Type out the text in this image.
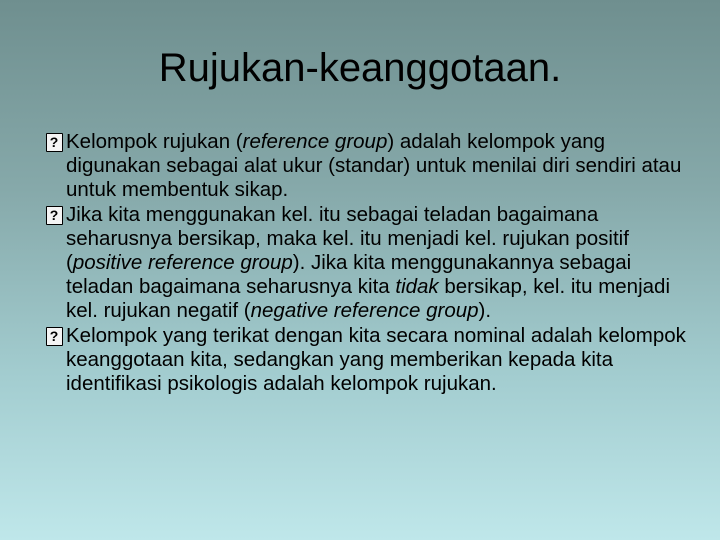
Rujukan-keanggotaan.
?
Kelompok rujukan (reference group) adalah kelompok yang digunakan sebagai alat ukur (standar) untuk menilai diri sendiri atau untuk membentuk sikap.
?
Jika kita menggunakan kel. itu sebagai teladan bagaimana seharusnya bersikap, maka kel. itu menjadi kel. rujukan positif (positive reference group). Jika kita menggunakannya sebagai teladan bagaimana seharusnya kita tidak bersikap, kel. itu menjadi kel. rujukan negatif (negative reference group).
?
Kelompok yang terikat dengan kita secara nominal adalah kelompok keanggotaan kita, sedangkan yang memberikan kepada kita identifikasi psikologis adalah kelompok rujukan.
